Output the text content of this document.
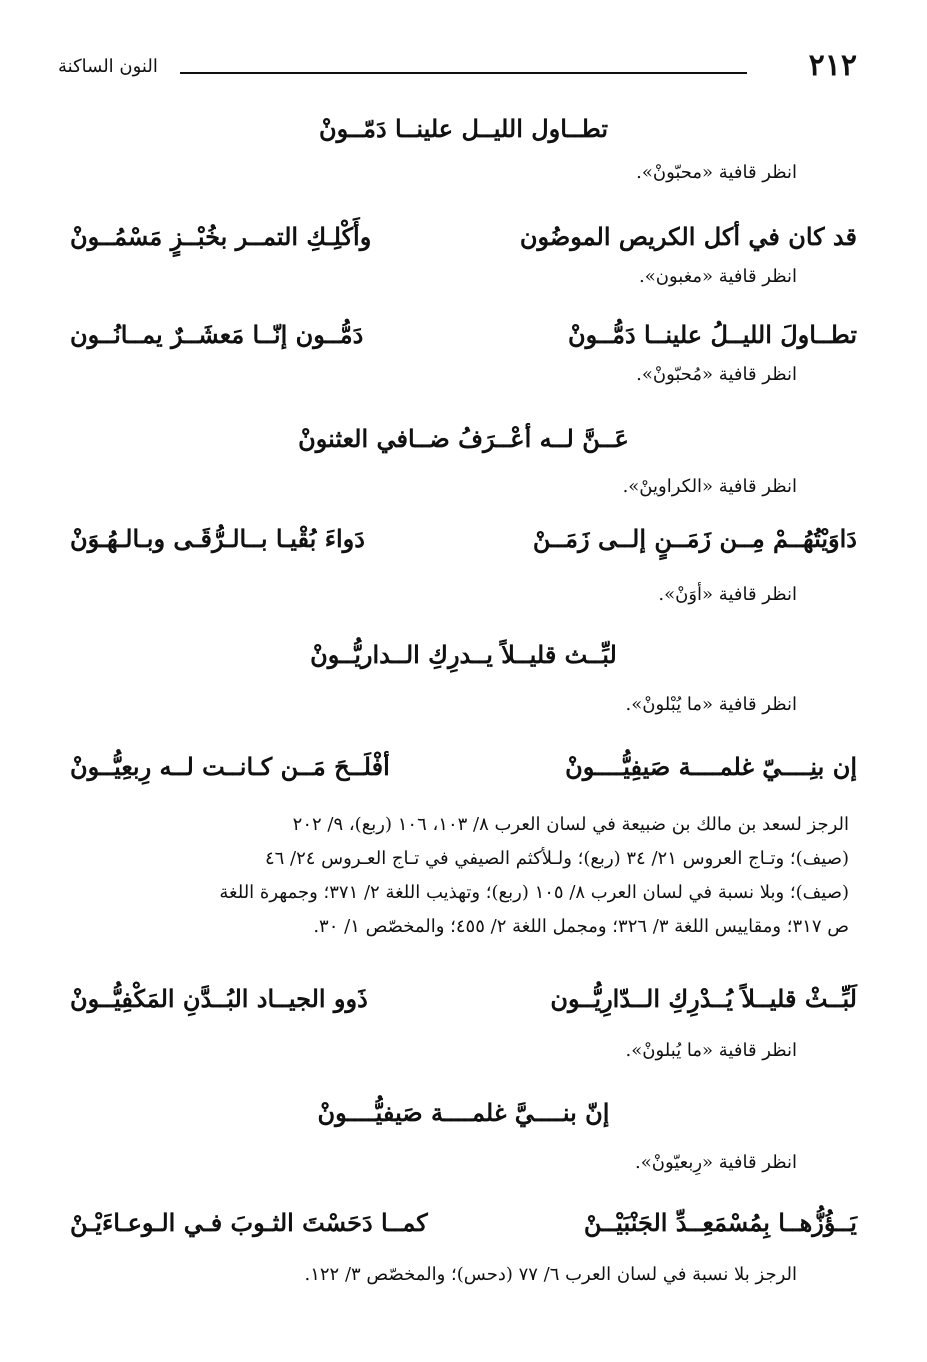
٢١٢
النون الساكنة
تطــاول الليــل علينــا دَمّــونْ
انظر قافية «محبّونْ».
قد كان في أكل الكريص الموضُون
وأَكْلِـكِ التمــر بخُبْــزٍ مَسْمُــونْ
انظر قافية «مغبون».
تطــاولَ الليــلُ علينــا دَمُّــونْ
دَمُّــون إنّــا مَعشَــرٌ يمــانُــون
انظر قافية «مُحبّونْ».
عَــنَّ لــه أعْــرَفُ ضــافي العثنونْ
انظر قافية «الكراوينْ».
دَاوَيْتُهُــمْ مِــن زَمَــنٍ إلــى زَمَــنْ
دَواءَ بُقْيـا بــالـرُّقَـى وبـالـهُـوَنْ
انظر قافية «أوَنْ».
لبِّــث قليــلاً يــدرِكِ الــداريُّــونْ
انظر قافية «ما يُبْلونْ».
إن بنِــــيّ غلمــــة صَيفِيُّــــونْ
أفْلَــحَ مَــن كـانــت لــه رِبعِيُّــونْ
الرجز لسعد بن مالك بن ضبيعة في لسان العرب ٨/ ١٠٣، ١٠٦ (ربع)، ٩/ ٢٠٢
(صيف)؛ وتـاج العروس ٢١/ ٣٤ (ربع)؛ ولـلأكثم الصيفي في تـاج العـروس ٢٤/ ٤٦
(صيف)؛ وبلا نسبة في لسان العرب ٨/ ١٠٥ (ربع)؛ وتهذيب اللغة ٢/ ٣٧١؛ وجمهرة اللغة
ص ٣١٧؛ ومقاييس اللغة ٣/ ٣٢٦؛ ومجمل اللغة ٢/ ٤٥٥؛ والمخصّص ١/ ٣٠.
لَبِّــثْ قليــلاً يُــدْرِكِ الــدّارِيُّــون
ذَوو الجيــاد البُــدَّنِ المَكْفِيُّــونْ
انظر قافية «ما يُبلونْ».
إنّ بنــــيَّ غلمــــة صَيفيُّــــونْ
انظر قافية «رِبعيّونْ».
يَــؤُزُّهــا بِمُسْمَعِــدِّ الجَنْبَيْــنْ
كمــا دَحَسْتَ الثـوبَ فـي الـوعـاءَيْـنْ
الرجز بلا نسبة في لسان العرب ٦/ ٧٧ (دحس)؛ والمخصّص ٣/ ١٢٢.
